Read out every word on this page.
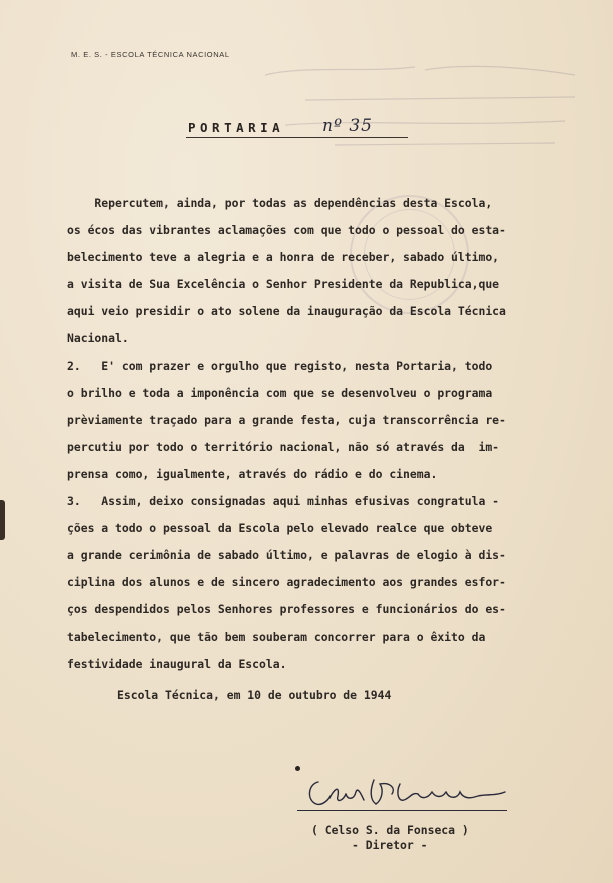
M. E. S. - ESCOLA TÉCNICA NACIONAL
PORTARIA nº 35
Repercutem, ainda, por todas as dependências desta Escola,
os écos das vibrantes aclamações com que todo o pessoal do esta-
belecimento teve a alegria e a honra de receber, sabado último,
a visita de Sua Excelência o Senhor Presidente da Republica,que
aqui veio presidir o ato solene da inauguração da Escola Técnica
Nacional.
2.   E' com prazer e orgulho que registo, nesta Portaria, todo
o brilho e toda a imponência com que se desenvolveu o programa
prèviamente traçado para a grande festa, cuja transcorrência re-
percutiu por todo o território nacional, não só através da  im-
prensa como, igualmente, através do rádio e do cinema.
3.   Assim, deixo consignadas aqui minhas efusivas congratula -
ções a todo o pessoal da Escola pelo elevado realce que obteve
a grande cerimônia de sabado último, e palavras de elogio à dis-
ciplina dos alunos e de sincero agradecimento aos grandes esfor-
ços despendidos pelos Senhores professores e funcionários do es-
tabelecimento, que tão bem souberam concorrer para o êxito da
festividade inaugural da Escola.
Escola Técnica, em 10 de outubro de 1944
( Celso S. da Fonseca )
- Diretor -
